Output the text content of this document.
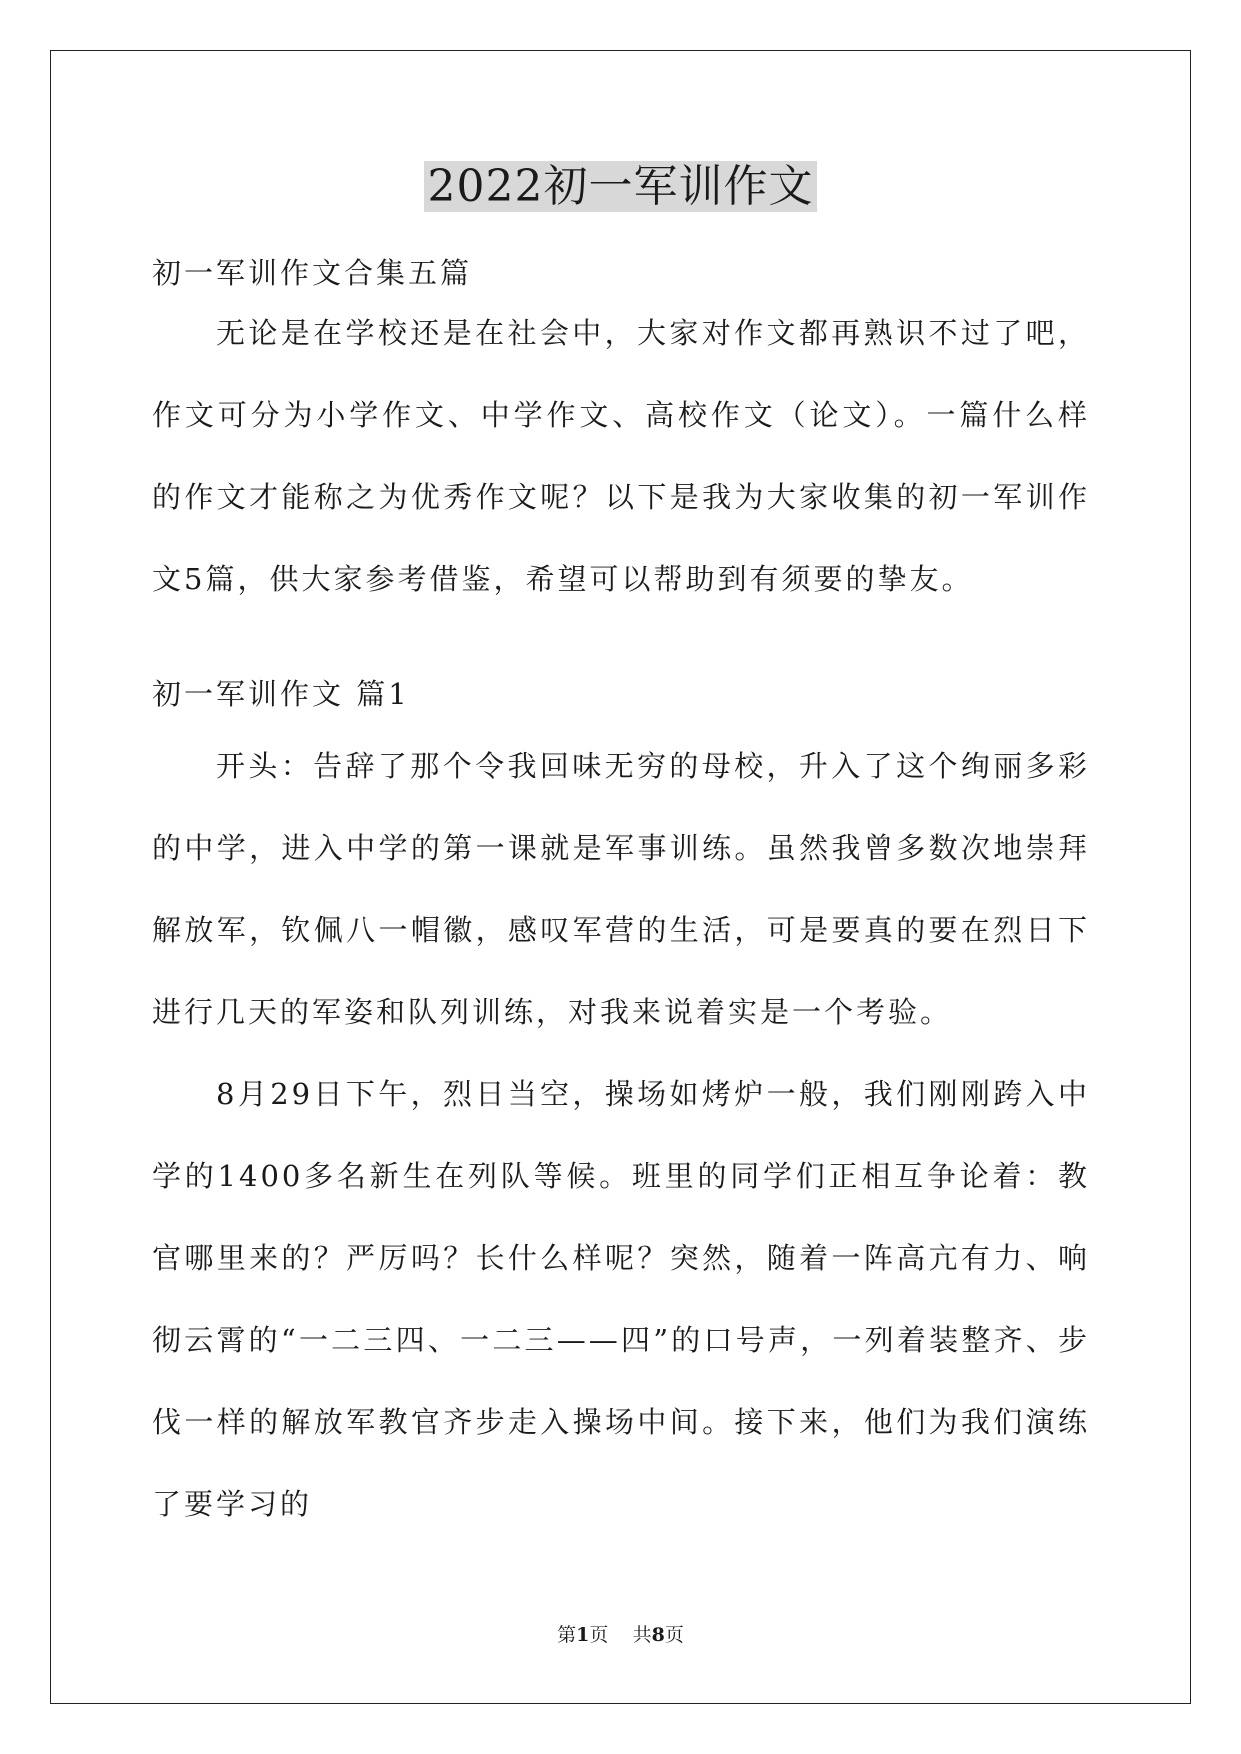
2022初一军训作文
初一军训作文合集五篇
无论是在学校还是在社会中，大家对作文都再熟识不过了吧，作文可分为小学作文、中学作文、高校作文（论文）。一篇什么样的作文才能称之为优秀作文呢？以下是我为大家收集的初一军训作文5篇，供大家参考借鉴，希望可以帮助到有须要的挚友。
初一军训作文 篇1
开头：告辞了那个令我回味无穷的母校，升入了这个绚丽多彩的中学，进入中学的第一课就是军事训练。虽然我曾多数次地崇拜解放军，钦佩八一帽徽，感叹军营的生活，可是要真的要在烈日下进行几天的军姿和队列训练，对我来说着实是一个考验。
8月29日下午，烈日当空，操场如烤炉一般，我们刚刚跨入中学的1400多名新生在列队等候。班里的同学们正相互争论着：教官哪里来的？严厉吗？长什么样呢？突然，随着一阵高亢有力、响彻云霄的“一二三四、一二三——四”的口号声，一列着装整齐、步伐一样的解放军教官齐步走入操场中间。接下来，他们为我们演练了要学习的
第1页 共8页
